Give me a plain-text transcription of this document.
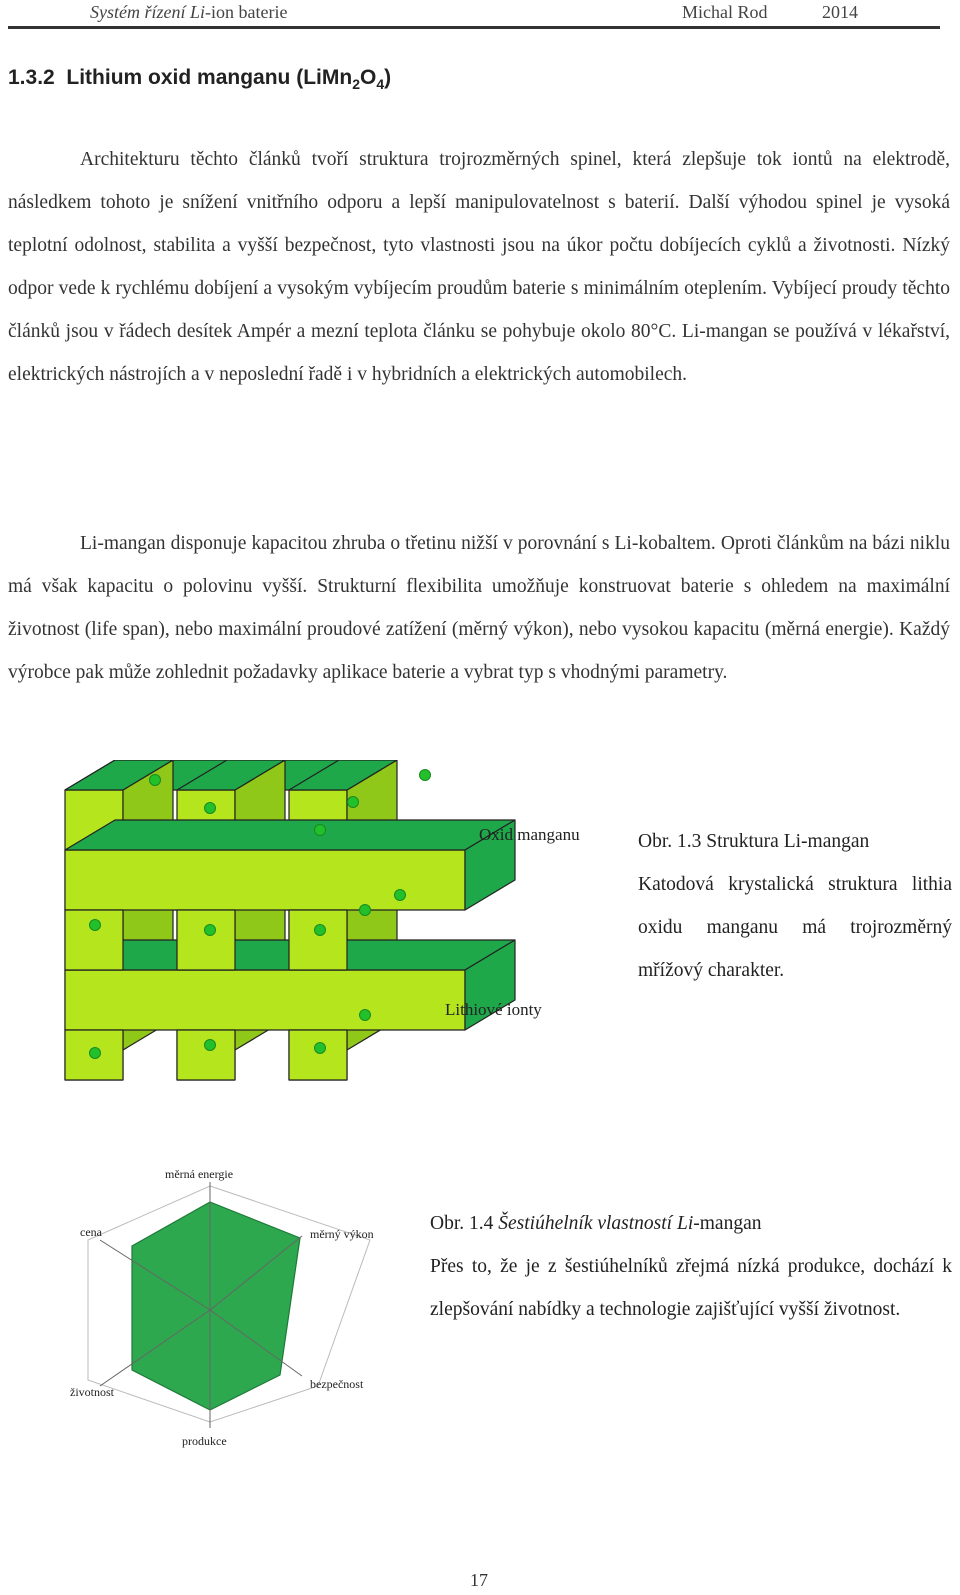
Systém řízení Li-ion baterie	Michal Rod	2014
1.3.2 Lithium oxid manganu $(LiMn_2O_4)$

Architekturu těchto článků tvoří struktura trojrozměrných spinel, která zlepšuje tok iontů na elektrodě, následkem tohoto je snížení vnitřního odporu a lepší manipulovatelnost s baterií. Další výhodou spinel je vysoká teplotní odolnost, stabilita a vyšší bezpečnost, tyto vlastnosti jsou na úkor počtu dobíjecích cyklů a životnosti. Nízký odpor vede k rychlému dobíjení a vysokým vybíjecím proudům baterie s minimálním oteplením. Vybíjecí proudy těchto článků jsou v řádech desítek Ampér a mezní teplota článku se pohybuje okolo 80°C. Li-mangan se používá v lékařství, elektrických nástrojích a v neposlední řadě i v hybridních a elektrických automobilech.

Li-mangan disponuje kapacitou zhruba o třetinu nižší v porovnání s Li-kobaltem. Oproti článkům na bázi niklu má však kapacitu o polovinu vyšší. Strukturní flexibilita umožňuje konstruovat baterie s ohledem na maximální životnost (life span), nebo maximální proudové zatížení (měrný výkon), nebo vysokou kapacitu (měrná energie). Každý výrobce pak může zohlednit požadavky aplikace baterie a vybrat typ s vhodnými parametry.

Oxid manganu
Lithiové ionty

Obr. 1.3 Struktura Li-mangan
Katodová krystalická struktura lithia oxidu manganu má trojrozměrný mřížový charakter.

měrná energie
měrný výkon
bezpečnost
produkce
životnost
cena	Obr. 1.4 Šestiúhelník vlastností Li-mangan
Přes to, že je z šestiúhelníků zřejmá nízká produkce, dochází k zlepšování nabídky a technologie zajišťující vyšší životnost.

17
